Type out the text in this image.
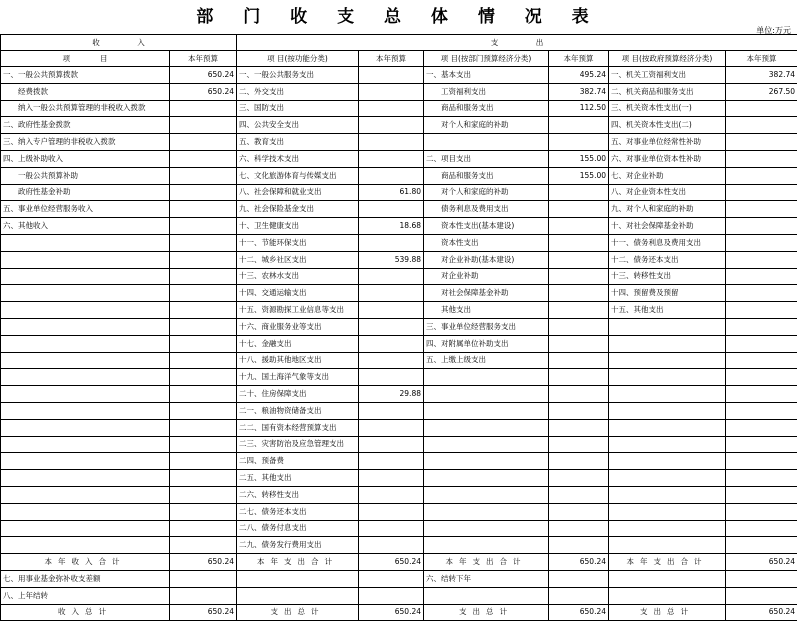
部 门 收 支 总 体 情 况 表
单位:万元
收　　　　　入		支　　　　　出					
项　　　　目	本年预算	项 目(按功能分类)	本年预算	项 目(按部门预算经济分类)	本年预算	项 目(按政府预算经济分类)	本年预算
一、一般公共预算拨款	650.24	一、一般公共服务支出		一、基本支出	495.24	一、机关工资福利支出	382.74
　　经费拨款	650.24	二、外交支出		　　工资福利支出	382.74	二、机关商品和服务支出	267.50
　　纳入一般公共预算管理的非税收入拨款		三、国防支出		　　商品和服务支出	112.50	三、机关资本性支出(一)	
二、政府性基金拨款		四、公共安全支出		　　对个人和家庭的补助		四、机关资本性支出(二)	
三、纳入专户管理的非税收入拨款		五、教育支出				五、对事业单位经常性补助	
四、上级补助收入		六、科学技术支出		二、项目支出	155.00	六、对事业单位资本性补助	
　　一般公共预算补助		七、文化旅游体育与传媒支出		　　商品和服务支出	155.00	七、对企业补助	
　　政府性基金补助		八、社会保障和就业支出	61.80	　　对个人和家庭的补助		八、对企业资本性支出	
五、事业单位经营服务收入		九、社会保险基金支出		　　债务利息及费用支出		九、对个人和家庭的补助	
六、其他收入		十、卫生健康支出	18.68	　　资本性支出(基本建设)		十、对社会保障基金补助	
		十一、节能环保支出		　　资本性支出		十一、债务利息及费用支出	
		十二、城乡社区支出	539.88	　　对企业补助(基本建设)		十二、债务还本支出	
		十三、农林水支出		　　对企业补助		十三、转移性支出	
		十四、交通运输支出		　　对社会保障基金补助		十四、预留费及预留	
		十五、资源勘探工业信息等支出		　　其他支出		十五、其他支出	
		十六、商业服务业等支出		三、事业单位经营服务支出			
		十七、金融支出		四、对附属单位补助支出			
		十八、援助其他地区支出		五、上缴上级支出			
		十九、国土海洋气象等支出					
		二十、住房保障支出	29.88				
		二一、粮油物资储备支出					
		二二、国有资本经营预算支出					
		二三、灾害防治及应急管理支出					
		二四、预备费					
		二五、其他支出					
		二六、转移性支出					
		二七、债务还本支出					
		二八、债务付息支出					
		二九、债务发行费用支出					
本年收入合计	650.24	本年支出合计	650.24	本年支出合计	650.24	本年支出合计	650.24
七、用事业基金弥补收支差额				六、结转下年			
八、上年结转							
收入总计	650.24	支出总计	650.24	支出总计	650.24	支出总计	650.24
